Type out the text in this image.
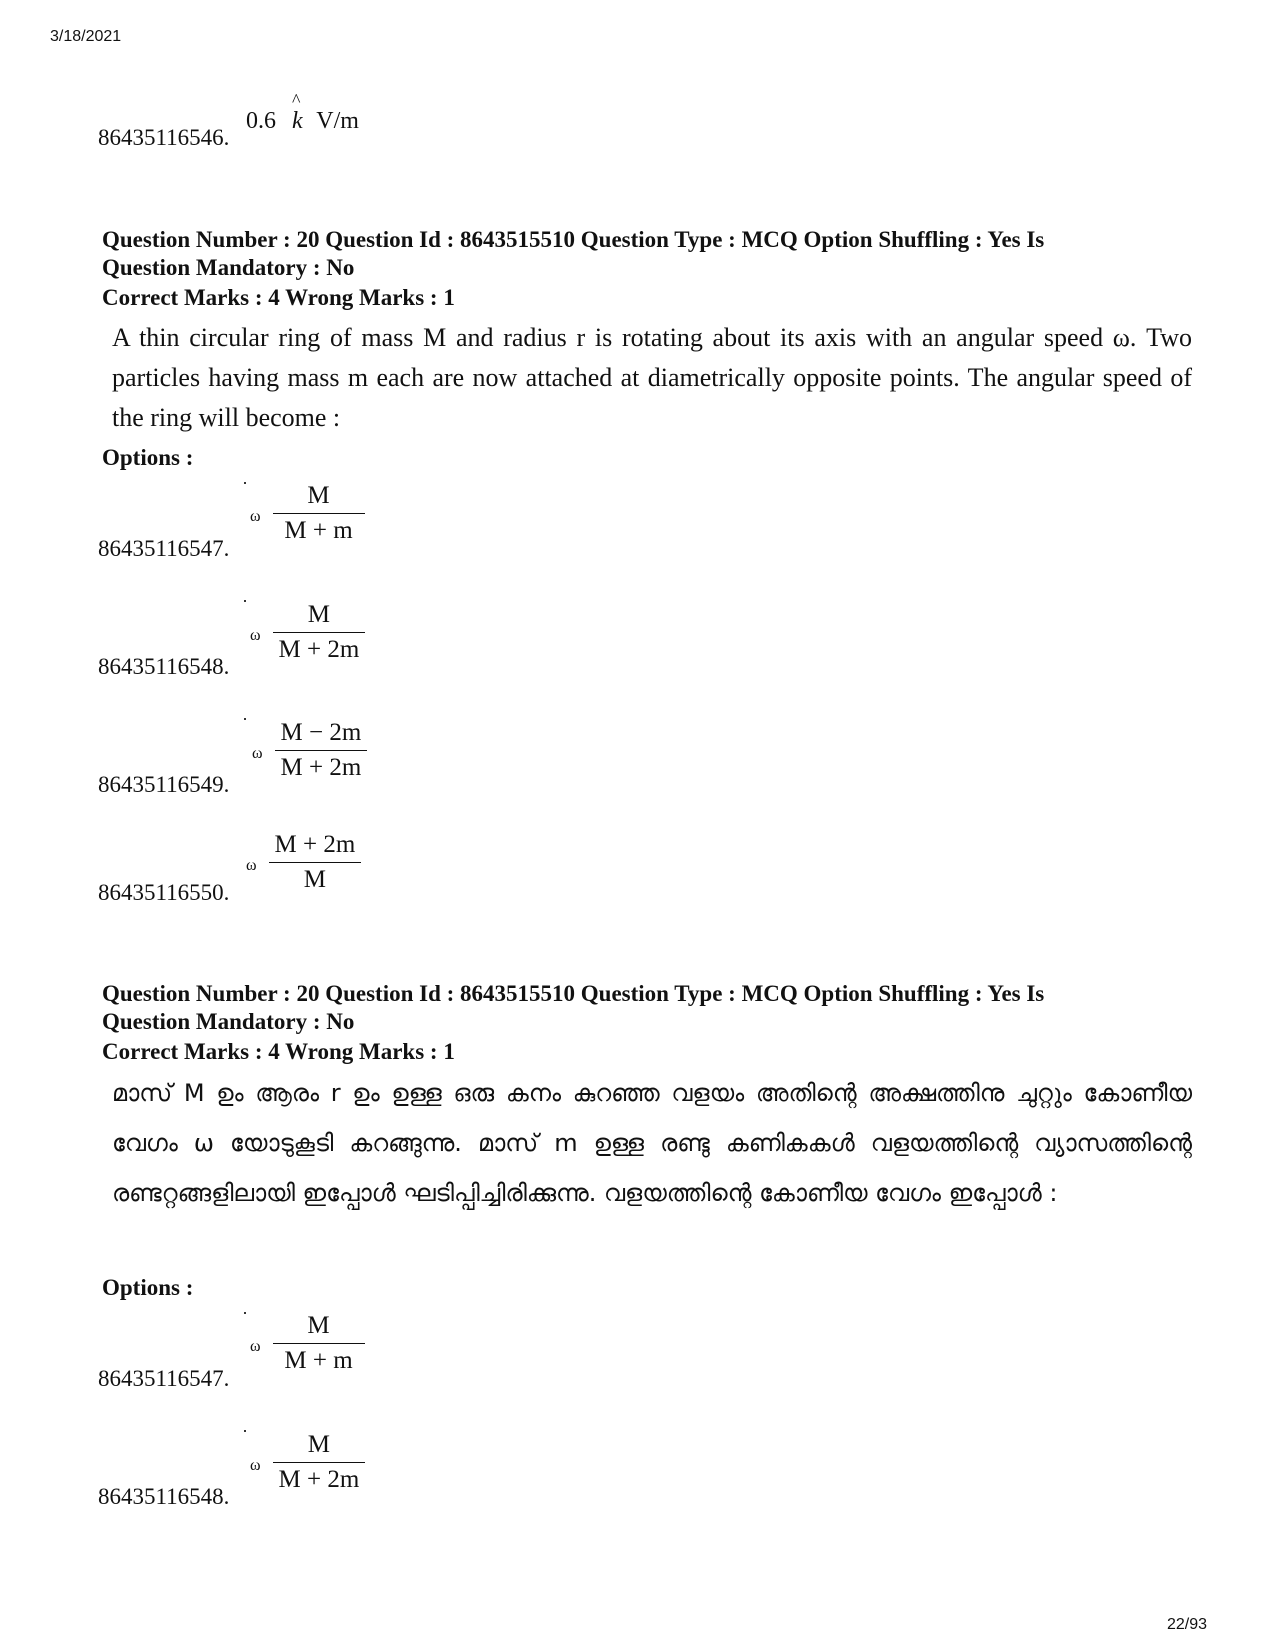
3/18/2021
86435116546.
0.6
^
k V/m
Question Number : 20 Question Id : 8643515510 Question Type : MCQ Option Shuffling : Yes Is
Question Mandatory : No
Correct Marks : 4 Wrong Marks : 1
A thin circular ring of mass M and radius r is rotating about its axis with an angular speed ω. Two particles having mass m each are now attached at diametrically opposite points. The angular speed of the ring will become :
Options :
86435116547.
ω $\frac{M}{M + m}$
86435116548.
ω $\frac{M}{M + 2m}$
86435116549.
ω $\frac{M - 2m}{M + 2m}$
86435116550.
ω $\frac{M + 2m}{M}$
Question Number : 20 Question Id : 8643515510 Question Type : MCQ Option Shuffling : Yes Is
Question Mandatory : No
Correct Marks : 4 Wrong Marks : 1
മാസ് M ഉം ആരം r ഉം ഉള്ള ഒരു കനം കുറഞ്ഞ വളയം അതിന്റെ അക്ഷത്തിനു ചുറ്റും കോണീയ വേഗം ω യോടുകൂടി കറങ്ങുന്നു. മാസ് m ഉള്ള രണ്ടു കണികകൾ വളയത്തിന്റെ വ്യാസത്തിന്റെ രണ്ടറ്റങ്ങളിലായി ഇപ്പോൾ ഘടിപ്പിച്ചിരിക്കുന്നു. വളയത്തിന്റെ കോണീയ വേഗം ഇപ്പോൾ :
Options :
86435116547.
ω $\frac{M}{M + m}$
86435116548.
ω $\frac{M}{M + 2m}$
22/93
